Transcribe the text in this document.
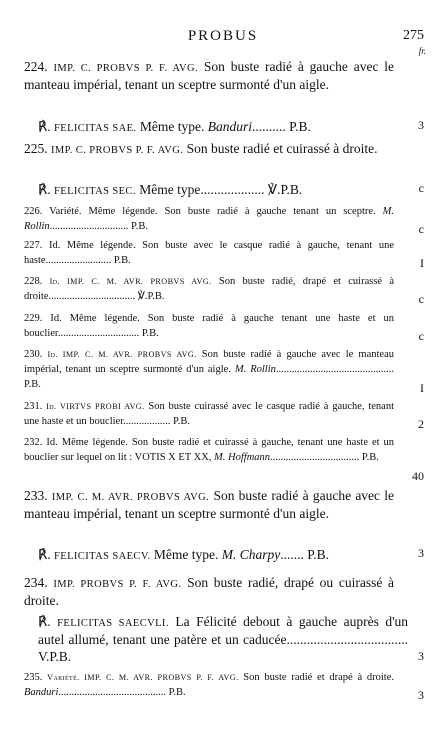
PROBUS	275
fr.
224. IMP. C. PROBVS P. F. AVG. Son buste radié à gauche avec le manteau impérial, tenant un sceptre surmonté d'un aigle.
℟. FELICITAS SAE. Même type. Banduri.......... P.B.	3
225. IMP. C. PROBVS P. F. AVG. Son buste radié et cuirassé à droite.
℟. FELICITAS SEC. Même type................... ℣.P.B.	c
226. Variété. Même légende. Son buste radié à gauche tenant un sceptre. M. Rollin.............................. P.B.	c
227. Id. Même légende. Son buste avec le casque radié à gauche, tenant une haste......................... P.B.	I
228. Id. IMP. C. M. AVR. PROBVS AVG. Son buste radié, drapé et cuirassé à droite................................. ℣.P.B.	c
229. Id. Même légende. Son buste radié à gauche tenant une haste et un bouclier............................... P.B.	c
230. Id. IMP. C. M. AVR. PROBVS AVG. Son buste radié à gauche avec le manteau impérial, tenant un sceptre surmonté d'un aigle. M. Rollin............................................. P.B.	I
231. Id. VIRTVS PROBI AVG. Son buste cuirassé avec le casque radié à gauche, tenant une haste et un bouclier.................. P.B.	2
232. Id. Même légende. Son buste radié et cuirassé à gauche, tenant une haste et un bouclier sur lequel on lit : VOTIS X ET XX, M. Hoffmann.................................. P.B.
40
233. IMP. C. M. AVR. PROBVS AVG. Son buste radié à gauche avec le manteau impérial, tenant un sceptre surmonté d'un aigle.
℟. FELICITAS SAECV. Même type. M. Charpy....... P.B.	3
234. IMP. PROBVS P. F. AVG. Son buste radié, drapé ou cuirassé à droite.
℟. FELICITAS SAECVLI. La Félicité debout à gauche auprès d'un autel allumé, tenant une patère et un caducée.................................... V.P.B.	3
235. Variété. IMP. C. M. AVR. PROBVS P. F. AVG. Son buste radié et drapé à droite. Banduri......................................... P.B.	3
